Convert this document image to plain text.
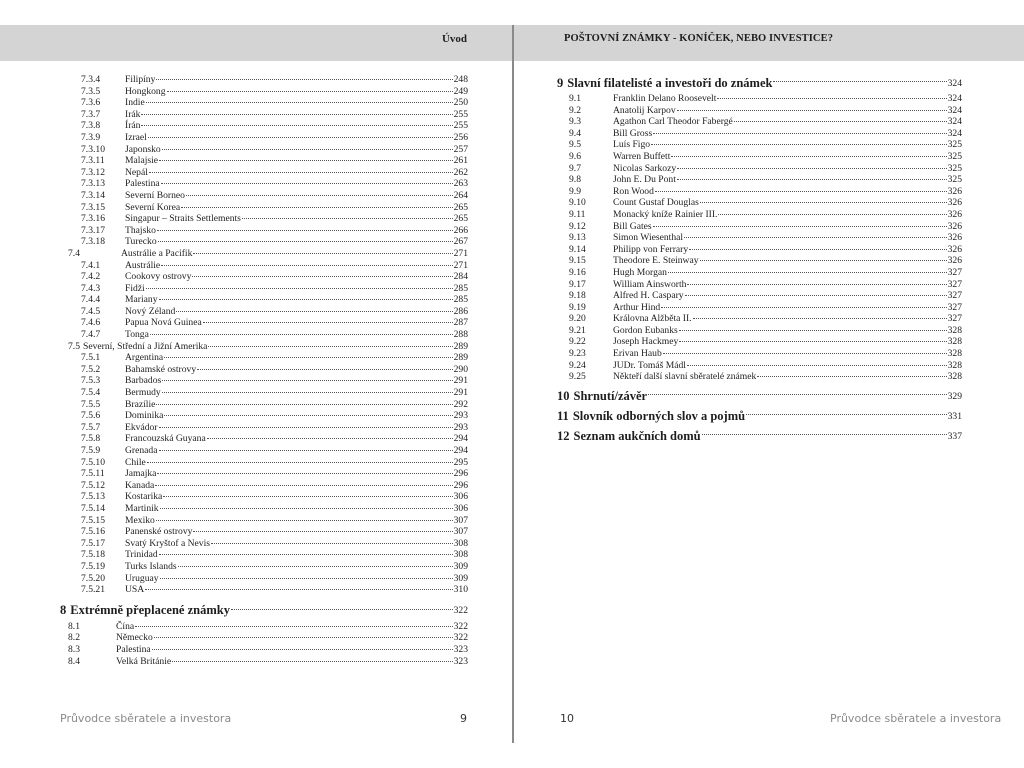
Úvod	POŠTOVNÍ ZNÁMKY - KONÍČEK, NEBO INVESTICE?
7.3.4	Filipíny	248
7.3.5	Hongkong	249
7.3.6	Indie	250
7.3.7	Irák	255
7.3.8	Írán	255
7.3.9	Izrael	256
7.3.10	Japonsko	257
7.3.11	Malajsie	261
7.3.12	Nepál	262
7.3.13	Palestina	263
7.3.14	Severní Borneo	264
7.3.15	Severní Korea	265
7.3.16	Singapur – Straits Settlements	265
7.3.17	Thajsko	266
7.3.18	Turecko	267
7.4	Austrálie a Pacifik	271
7.4.1	Austrálie	271
7.4.2	Cookovy ostrovy	284
7.4.3	Fidži	285
7.4.4	Mariany	285
7.4.5	Nový Zéland	286
7.4.6	Papua Nová Guinea	287
7.4.7	Tonga	288
7.5 Severní, Střední a Jižní Amerika	289
7.5.1	Argentina	289
7.5.2	Bahamské ostrovy	290
7.5.3	Barbados	291
7.5.4	Bermudy	291
7.5.5	Brazílie	292
7.5.6	Dominika	293
7.5.7	Ekvádor	293
7.5.8	Francouzská Guyana	294
7.5.9	Grenada	294
7.5.10	Chile	295
7.5.11	Jamajka	296
7.5.12	Kanada	296
7.5.13	Kostarika	306
7.5.14	Martinik	306
7.5.15	Mexiko	307
7.5.16	Panenské ostrovy	307
7.5.17	Svatý Kryštof a Nevis	308
7.5.18	Trinidad	308
7.5.19	Turks Islands	309
7.5.20	Uruguay	309
7.5.21	USA	310
8 Extrémně přeplacené známky	322
8.1	Čína	322
8.2	Německo	322
8.3	Palestina	323
8.4	Velká Británie	323
9 Slavní filatelisté a investoři do známek	324
9.1	Franklin Delano Roosevelt	324
9.2	Anatolij Karpov	324
9.3	Agathon Carl Theodor Fabergé	324
9.4	Bill Gross	324
9.5	Luís Figo	325
9.6	Warren Buffett	325
9.7	Nicolas Sarkozy	325
9.8	John E. Du Pont	325
9.9	Ron Wood	326
9.10	Count Gustaf Douglas	326
9.11	Monacký kníže Rainier III.	326
9.12	Bill Gates	326
9.13	Simon Wiesenthal	326
9.14	Philipp von Ferrary	326
9.15	Theodore E. Steinway	326
9.16	Hugh Morgan	327
9.17	William Ainsworth	327
9.18	Alfred H. Caspary	327
9.19	Arthur Hind	327
9.20	Královna Alžběta II.	327
9.21	Gordon Eubanks	328
9.22	Joseph Hackmey	328
9.23	Erivan Haub	328
9.24	JUDr. Tomáš Mádl	328
9.25	Někteří další slavní sběratelé známek	328
10 Shrnutí/závěr	329
11 Slovník odborných slov a pojmů	331
12 Seznam aukčních domů	337
Průvodce sběratele a investora	9	10	Průvodce sběratele a investora
